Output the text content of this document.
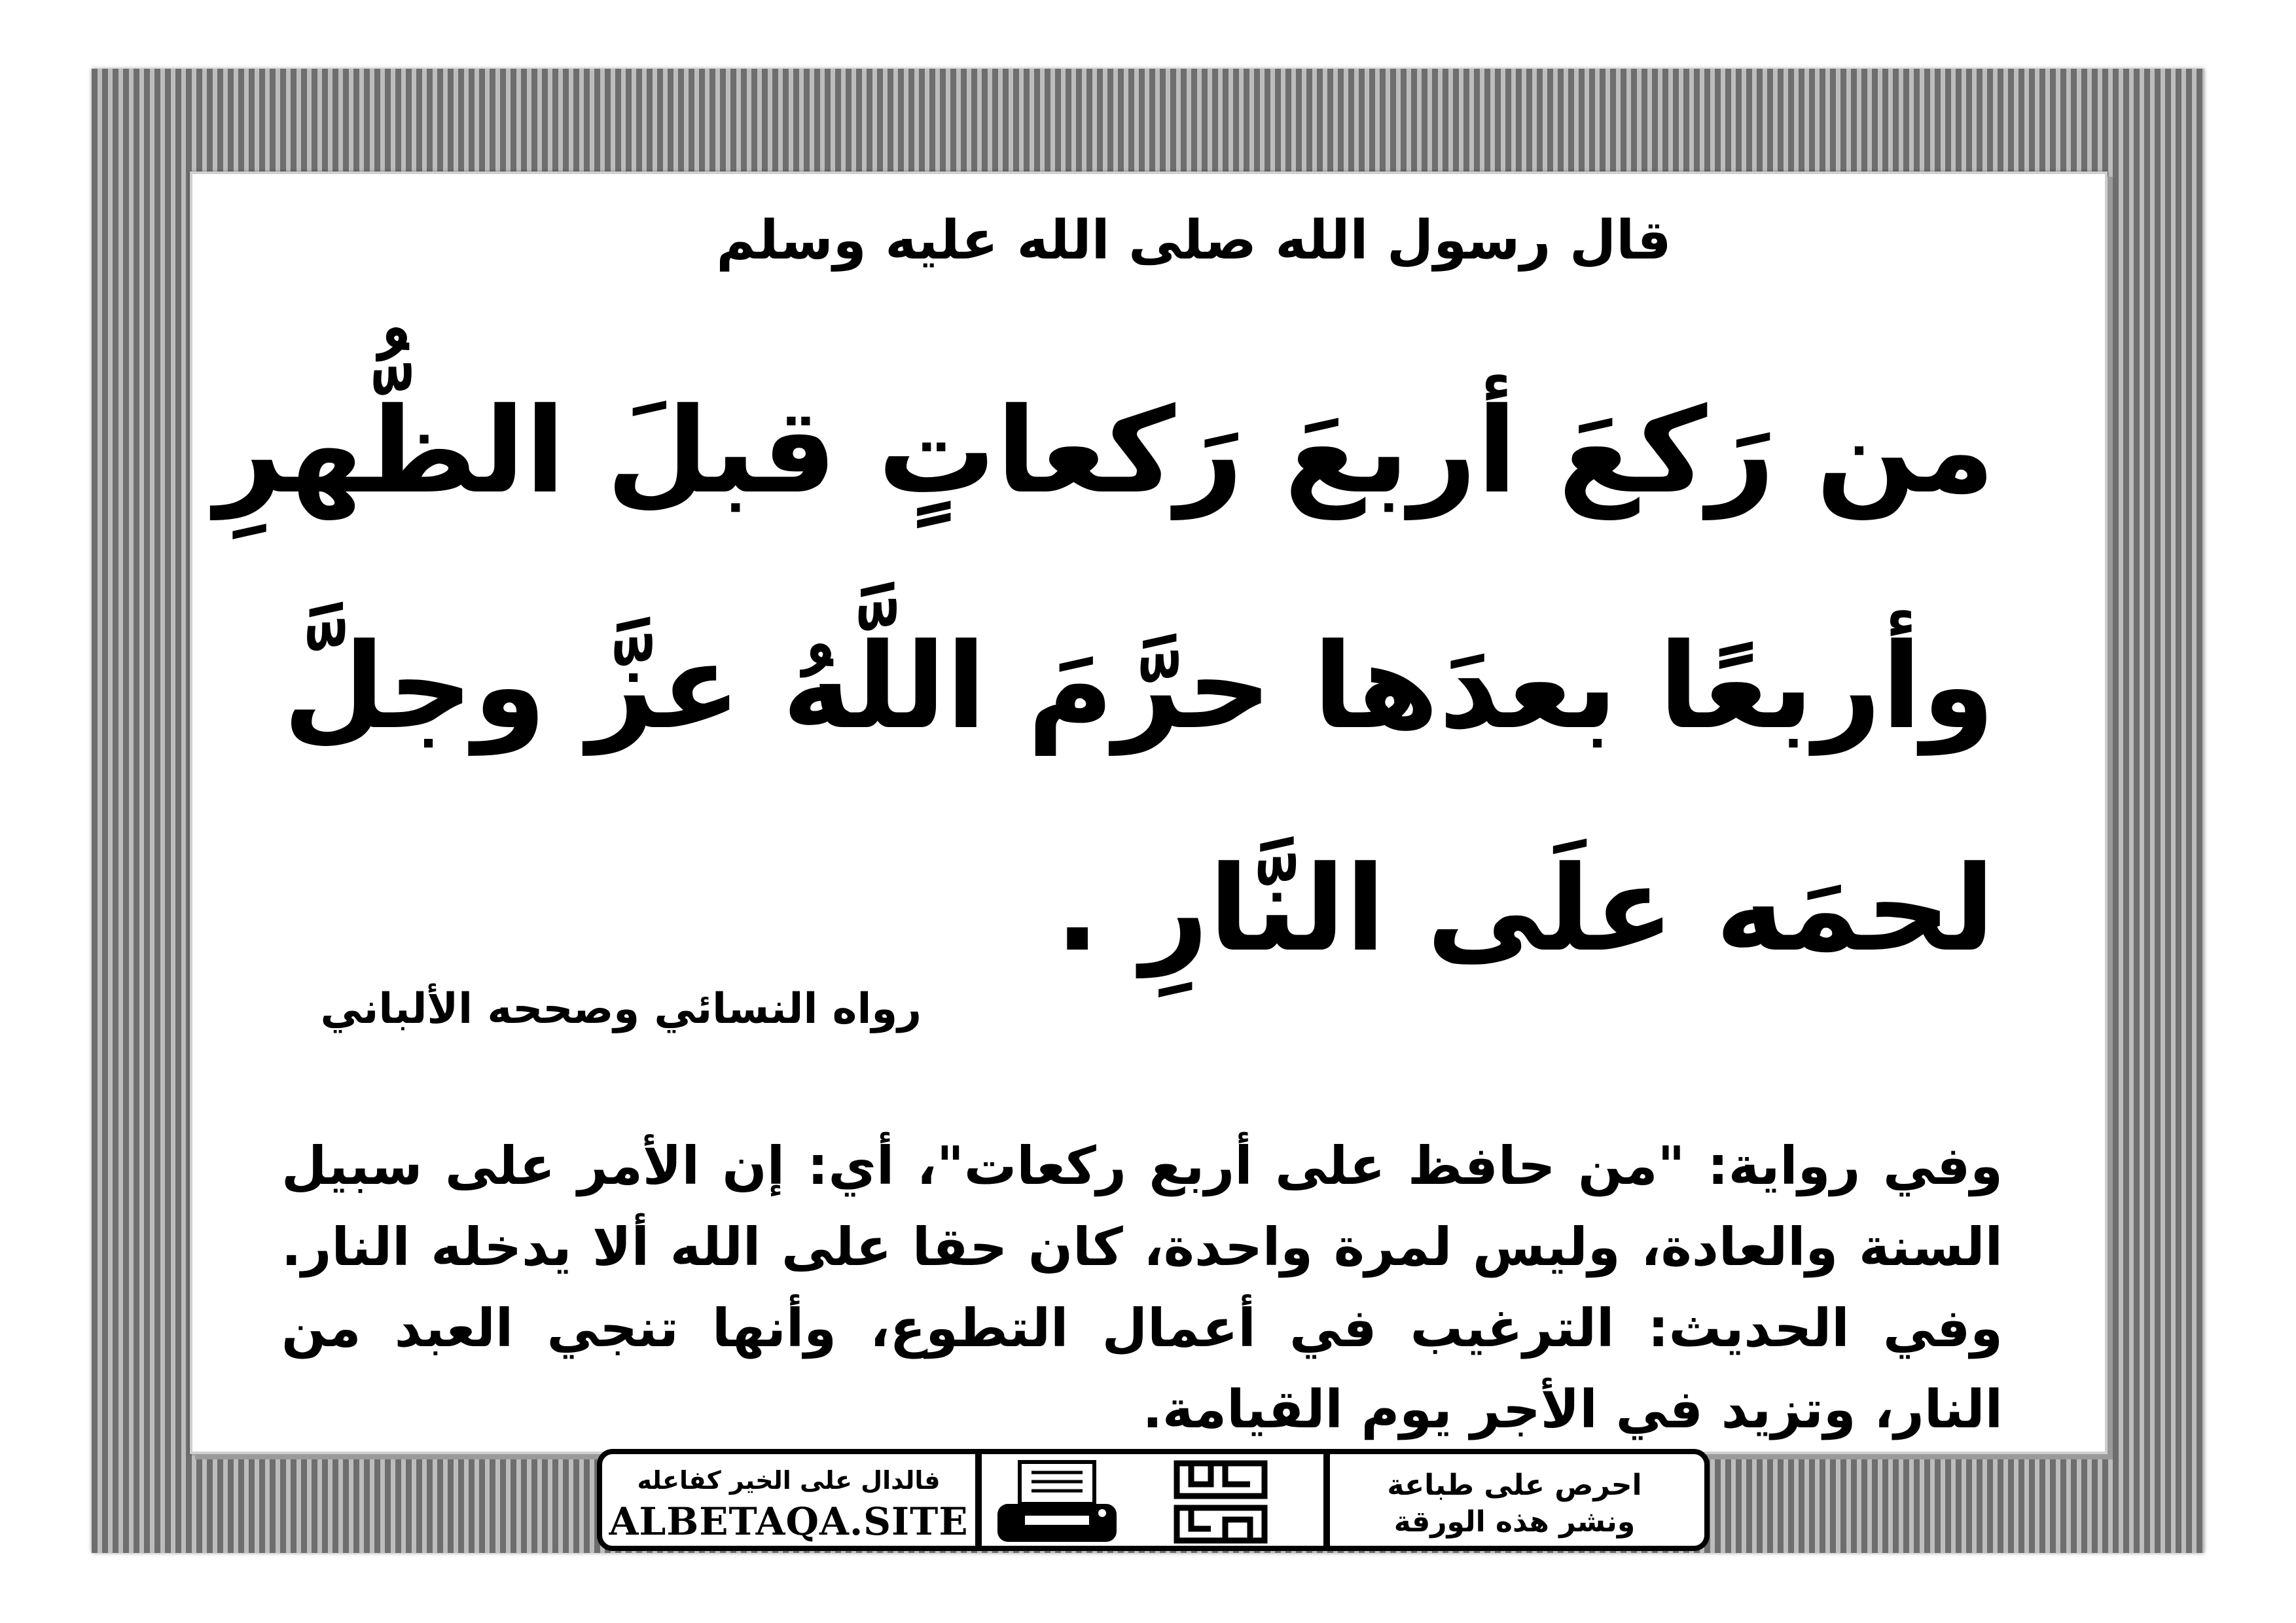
قال رسول الله صلى الله عليه وسلم
من رَكعَ أربعَ رَكعاتٍ قبلَ الظُّهرِ
وأربعًا بعدَها حرَّمَ اللَّهُ عزَّ وجلَّ
لحمَه علَى النَّارِ .
رواه النسائي وصححه الألباني
وفي رواية: "من حافظ على أربع ركعات"، أي: إن الأمر على سبيل السنة والعادة، وليس لمرة واحدة، كان حقا على الله ألا يدخله النار. وفي الحديث: الترغيب في أعمال التطوع، وأنها تنجي العبد من النار، وتزيد في الأجر يوم القيامة.
فالدال على الخير كفاعله
ALBETAQA.SITE
احرص على طباعة
ونشر هذه الورقة
